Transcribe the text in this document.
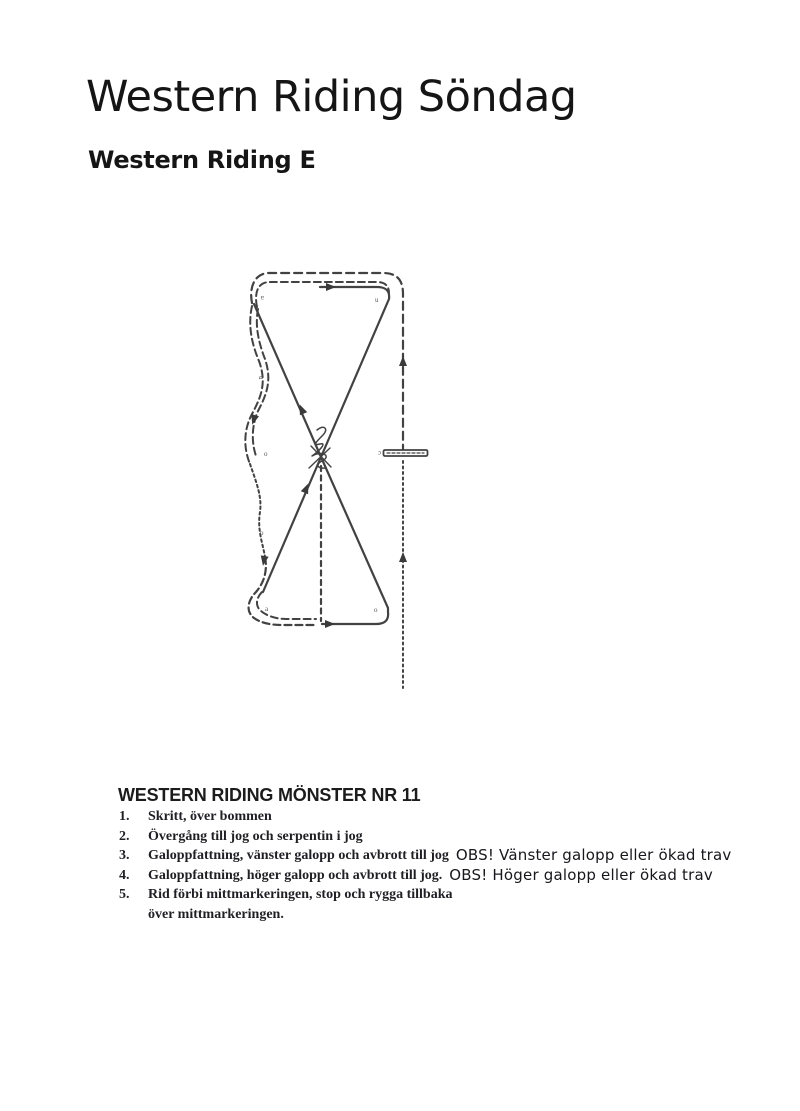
Western Riding Söndag
Western Riding E
a	u
u
o
o
a	o
c
WESTERN RIDING MÖNSTER NR 11
1.	Skritt, över bommen
2.	Övergång till jog och serpentin i jog
3.	Galoppfattning, vänster galopp och avbrott till jog OBS! Vänster galopp eller ökad trav
4.	Galoppfattning, höger galopp och avbrott till jog. OBS! Höger galopp eller ökad trav
5.	Rid förbi mittmarkeringen, stop och rygga tillbaka
över mittmarkeringen.
